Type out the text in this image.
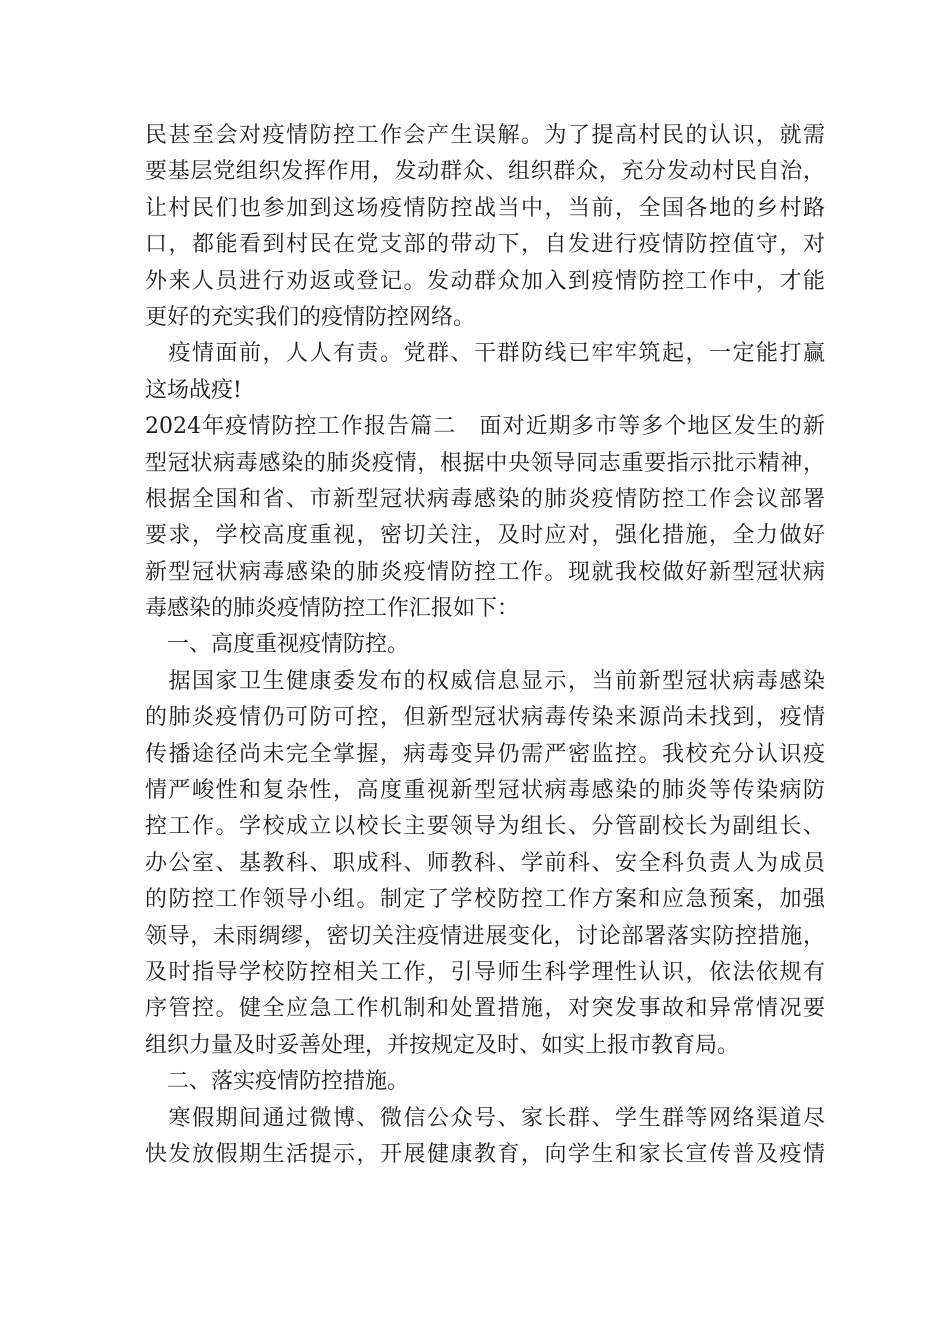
民甚至会对疫情防控工作会产生误解。为了提高村民的认识，就需
要基层党组织发挥作用，发动群众、组织群众，充分发动村民自治，
让村民们也参加到这场疫情防控战当中，当前，全国各地的乡村路
口，都能看到村民在党支部的带动下，自发进行疫情防控值守，对
外来人员进行劝返或登记。发动群众加入到疫情防控工作中，才能
更好的充实我们的疫情防控网络。
　疫情面前，人人有责。党群、干群防线已牢牢筑起，一定能打赢
这场战疫!
2024年疫情防控工作报告篇二　面对近期多市等多个地区发生的新
型冠状病毒感染的肺炎疫情，根据中央领导同志重要指示批示精神，
根据全国和省、市新型冠状病毒感染的肺炎疫情防控工作会议部署
要求，学校高度重视，密切关注，及时应对，强化措施，全力做好
新型冠状病毒感染的肺炎疫情防控工作。现就我校做好新型冠状病
毒感染的肺炎疫情防控工作汇报如下：
　一、高度重视疫情防控。
　据国家卫生健康委发布的权威信息显示，当前新型冠状病毒感染
的肺炎疫情仍可防可控，但新型冠状病毒传染来源尚未找到，疫情
传播途径尚未完全掌握，病毒变异仍需严密监控。我校充分认识疫
情严峻性和复杂性，高度重视新型冠状病毒感染的肺炎等传染病防
控工作。学校成立以校长主要领导为组长、分管副校长为副组长、
办公室、基教科、职成科、师教科、学前科、安全科负责人为成员
的防控工作领导小组。制定了学校防控工作方案和应急预案，加强
领导，未雨绸缪，密切关注疫情进展变化，讨论部署落实防控措施，
及时指导学校防控相关工作，引导师生科学理性认识，依法依规有
序管控。健全应急工作机制和处置措施，对突发事故和异常情况要
组织力量及时妥善处理，并按规定及时、如实上报市教育局。
　二、落实疫情防控措施。
　寒假期间通过微博、微信公众号、家长群、学生群等网络渠道尽
快发放假期生活提示，开展健康教育，向学生和家长宣传普及疫情
